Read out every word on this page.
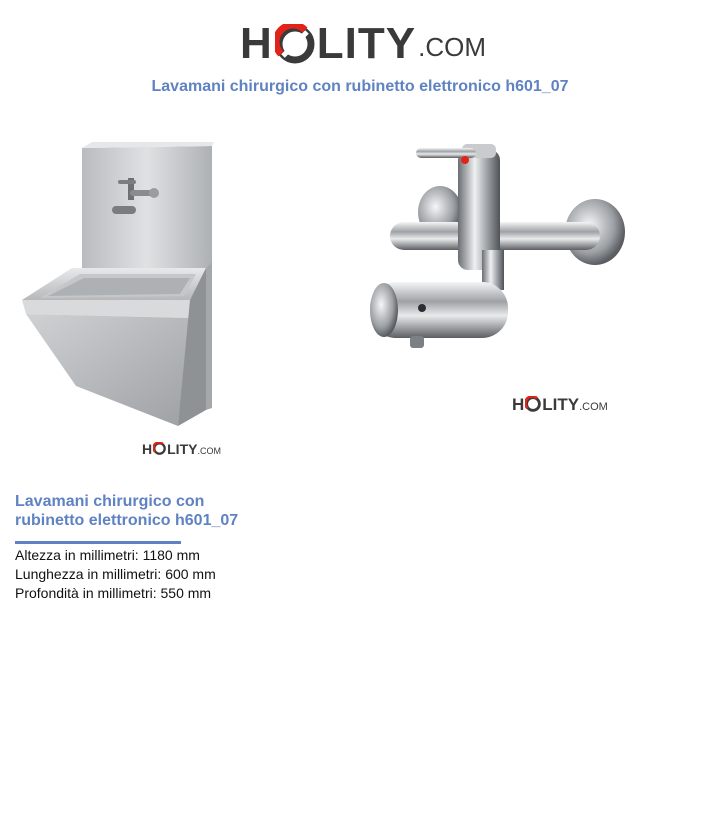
H LITY .COM
Lavamani chirurgico con rubinetto elettronico h601_07
H LITY .COM
H LITY .COM
Lavamani chirurgico con rubinetto elettronico h601_07
Altezza in millimetri: 1180 mm
Lunghezza in millimetri: 600 mm
Profondità in millimetri: 550 mm
